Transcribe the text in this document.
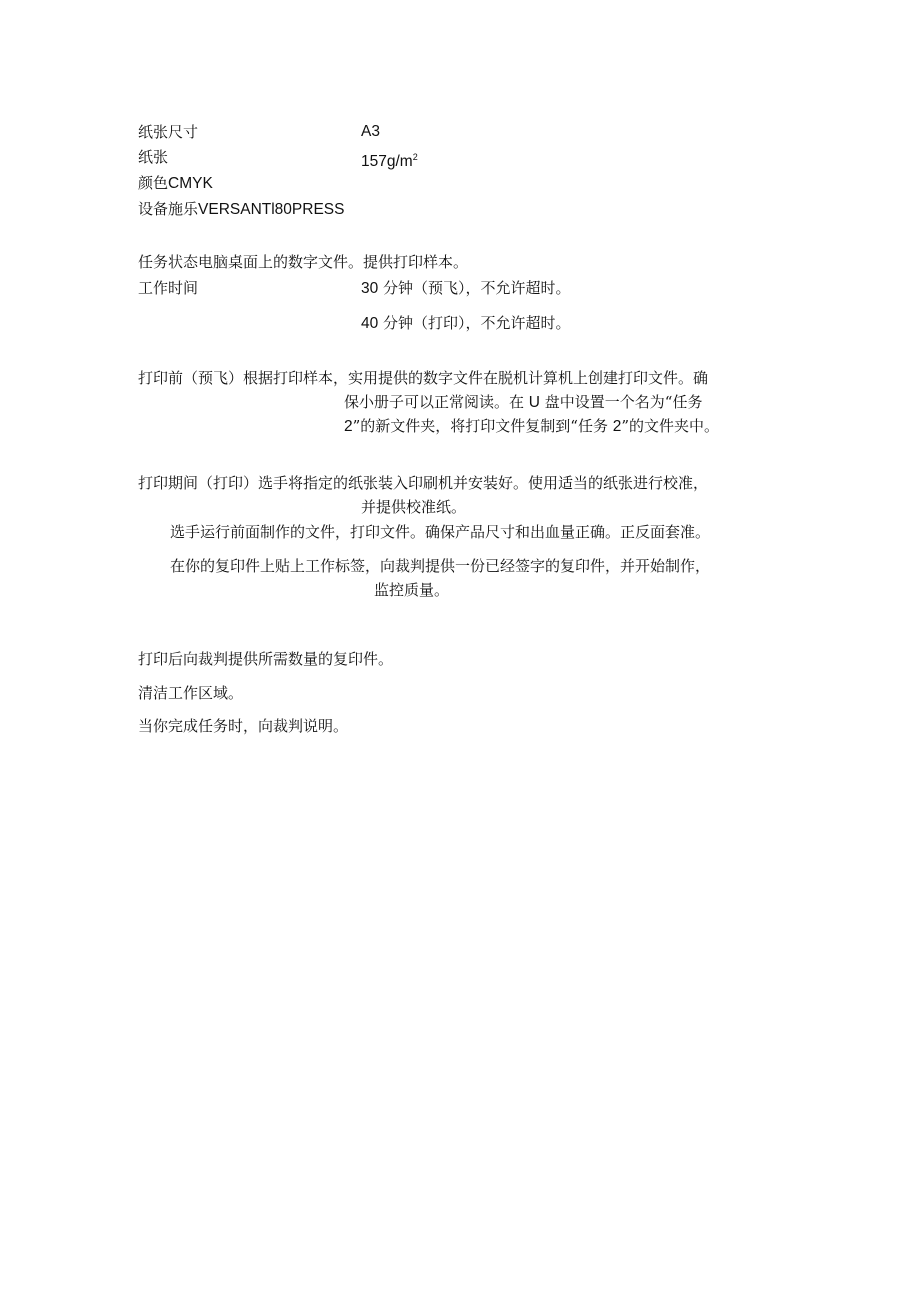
纸张尺寸	A3
纸张	$157g/m^2$
颜色CMYK
设备施乐VERSANTl80PRESS
任务状态电脑桌面上的数字文件。提供打印样本。
工作时间	30 分钟（预飞），不允许超时。
40 分钟（打印），不允许超时。
打印前（预飞）根据打印样本，实用提供的数字文件在脱机计算机上创建打印文件。确
保小册子可以正常阅读。在 U 盘中设置一个名为“任务
2”的新文件夹，将打印文件复制到“任务 2”的文件夹中。
打印期间（打印）选手将指定的纸张装入印刷机并安装好。使用适当的纸张进行校准，
并提供校准纸。
选手运行前面制作的文件，打印文件。确保产品尺寸和出血量正确。正反面套准。
在你的复印件上贴上工作标签，向裁判提供一份已经签字的复印件，并开始制作，
监控质量。
打印后向裁判提供所需数量的复印件。
清洁工作区域。
当你完成任务时，向裁判说明。
